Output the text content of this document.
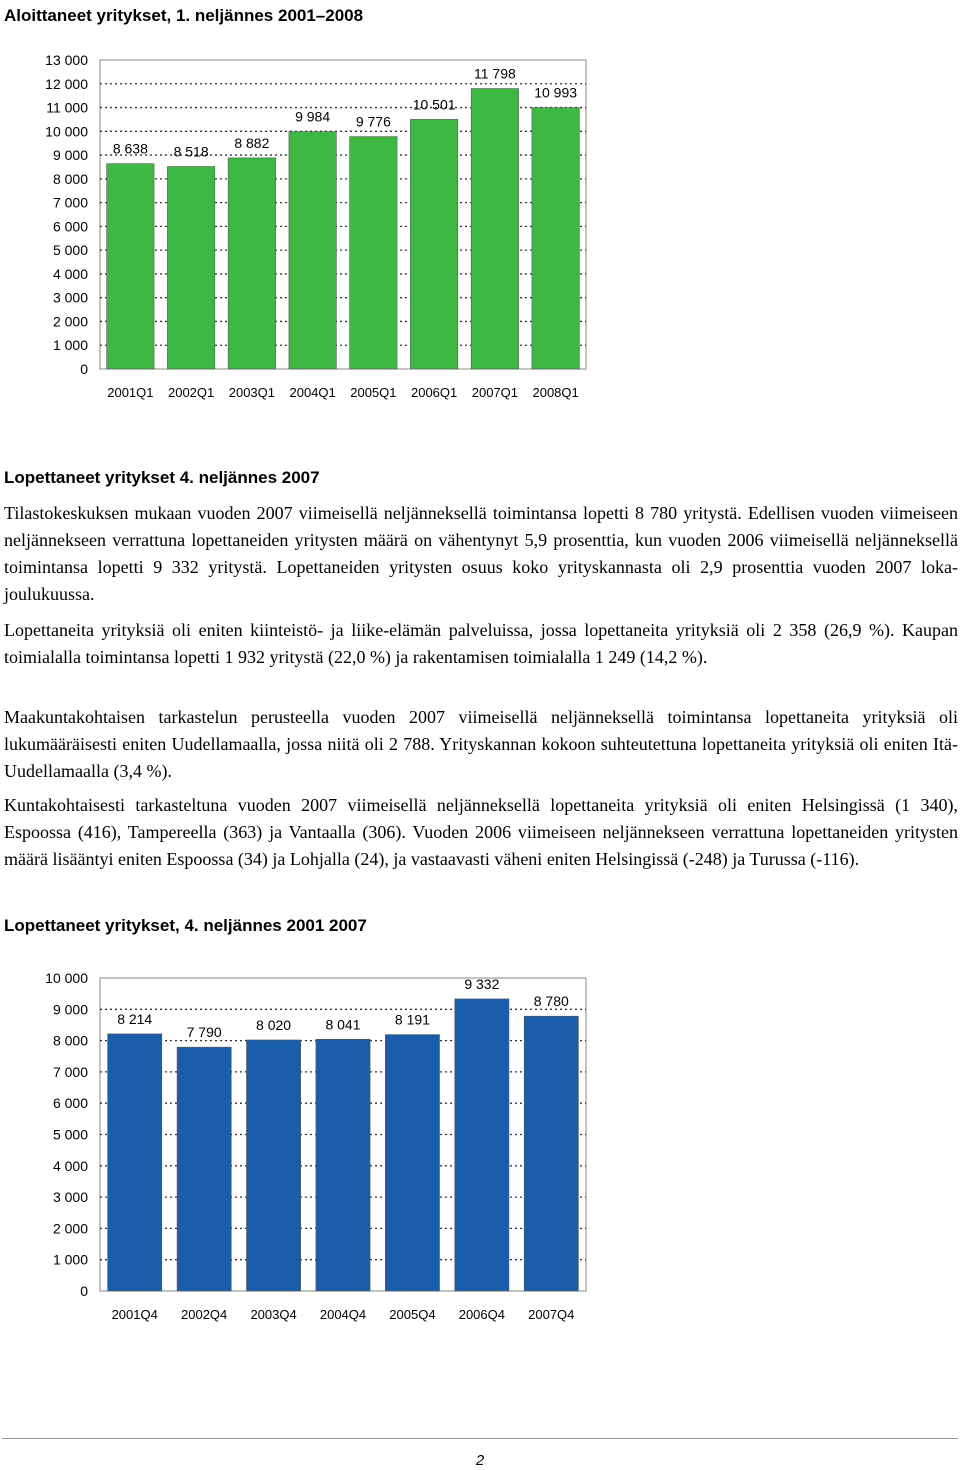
Aloittaneet yritykset, 1. neljännes 2001–2008
0
1 000
2 000
3 000
4 000
5 000
6 000
7 000
8 000
9 000
10 000
11 000
12 000
13 000
8 638
2001Q1
8 518
2002Q1
8 882
2003Q1
9 984
2004Q1
9 776
2005Q1
10 501
2006Q1
11 798
2007Q1
10 993
2008Q1
Lopettaneet yritykset 4. neljännes 2007

Tilastokeskuksen mukaan vuoden 2007 viimeisellä neljänneksellä toimintansa lopetti 8 780 yritystä. Edellisen vuoden viimeiseen neljännekseen verrattuna lopettaneiden yritysten määrä on vähentynyt 5,9 prosenttia, kun vuoden 2006 viimeisellä neljänneksellä toimintansa lopetti 9 332 yritystä. Lopettaneiden yritysten osuus koko yrityskannasta oli 2,9 prosenttia vuoden 2007 loka-joulukuussa.

Lopettaneita yrityksiä oli eniten kiinteistö- ja liike-elämän palveluissa, jossa lopettaneita yrityksiä oli 2 358 (26,9 %). Kaupan toimialalla toimintansa lopetti 1 932 yritystä (22,0 %) ja rakentamisen toimialalla 1 249 (14,2 %).

Maakuntakohtaisen tarkastelun perusteella vuoden 2007 viimeisellä neljänneksellä toimintansa lopettaneita yrityksiä oli lukumääräisesti eniten Uudellamaalla, jossa niitä oli 2 788. Yrityskannan kokoon suhteutettuna lopettaneita yrityksiä oli eniten Itä-Uudellamaalla (3,4 %).

Kuntakohtaisesti tarkasteltuna vuoden 2007 viimeisellä neljänneksellä lopettaneita yrityksiä oli eniten Helsingissä (1 340), Espoossa (416), Tampereella (363) ja Vantaalla (306). Vuoden 2006 viimeiseen neljännekseen verrattuna lopettaneiden yritysten määrä lisääntyi eniten Espoossa (34) ja Lohjalla (24), ja vastaavasti väheni eniten Helsingissä (-248) ja Turussa (-116).

Lopettaneet yritykset, 4. neljännes 2001 2007
0
1 000
2 000
3 000
4 000
5 000
6 000
7 000
8 000
9 000
10 000
8 214
2001Q4
7 790
2002Q4
8 020
2003Q4
8 041
2004Q4
8 191
2005Q4
9 332
2006Q4
8 780
2007Q4
2
